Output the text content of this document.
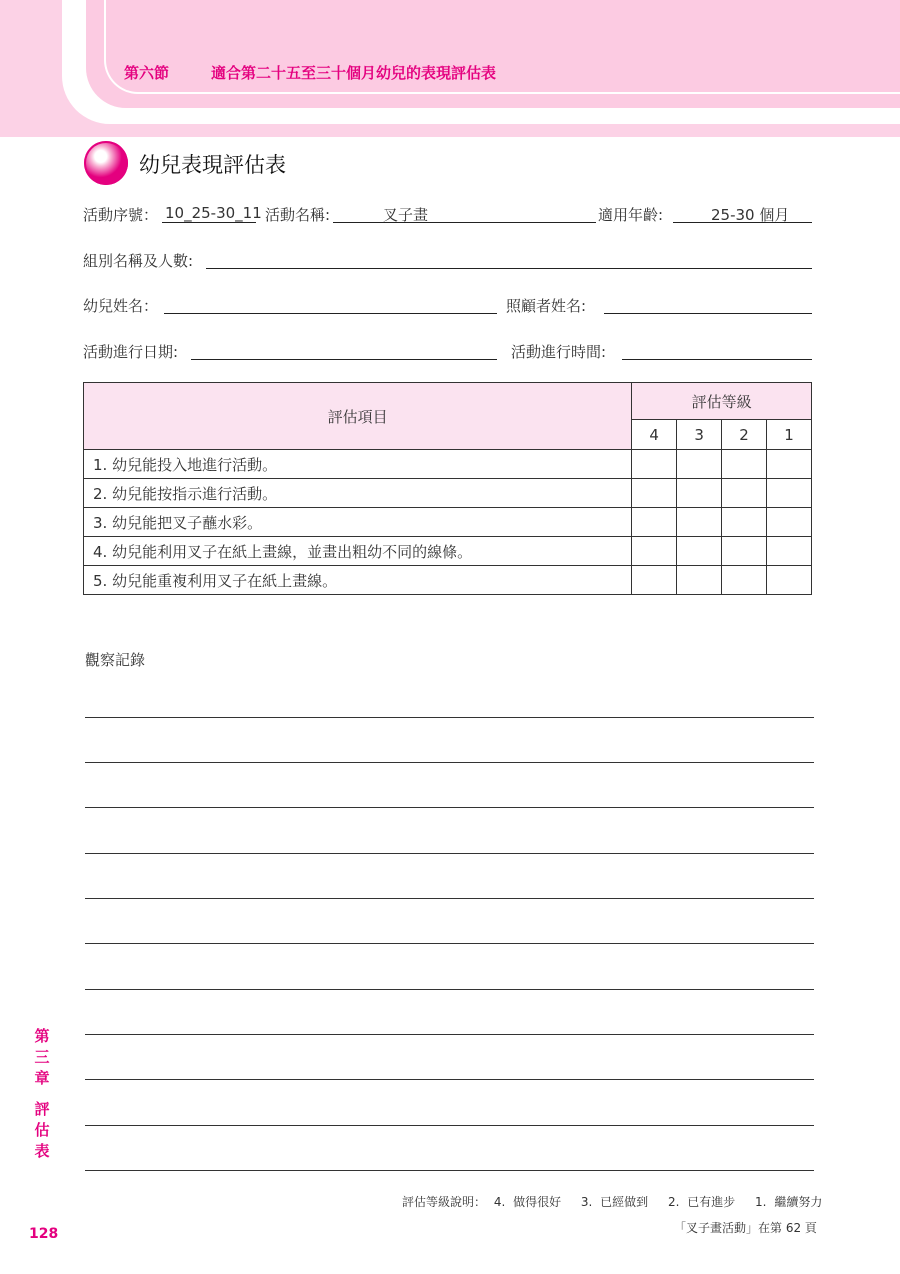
第六節	適合第二十五至三十個月幼兒的表現評估表
幼兒表現評估表
活動序號： 10_25-30_11 活動名稱:	叉子畫	適用年齡:	25-30 個月
組別名稱及人數:
幼兒姓名：	照顧者姓名:
活動進行日期:	活動進行時間:
評估項目	評估等級			
	4	3	2	1
1. 幼兒能投入地進行活動。				
2. 幼兒能按指示進行活動。				
3. 幼兒能把叉子蘸水彩。				
4. 幼兒能利用叉子在紙上畫線，並畫出粗幼不同的線條。				
5. 幼兒能重複利用叉子在紙上畫線。				
觀察記錄
第
三
章
評
估
表
128
評估等級說明： 4. 做得很好　 3. 已經做到　 2. 已有進步　 1. 繼續努力
「叉子畫活動」在第 62 頁
